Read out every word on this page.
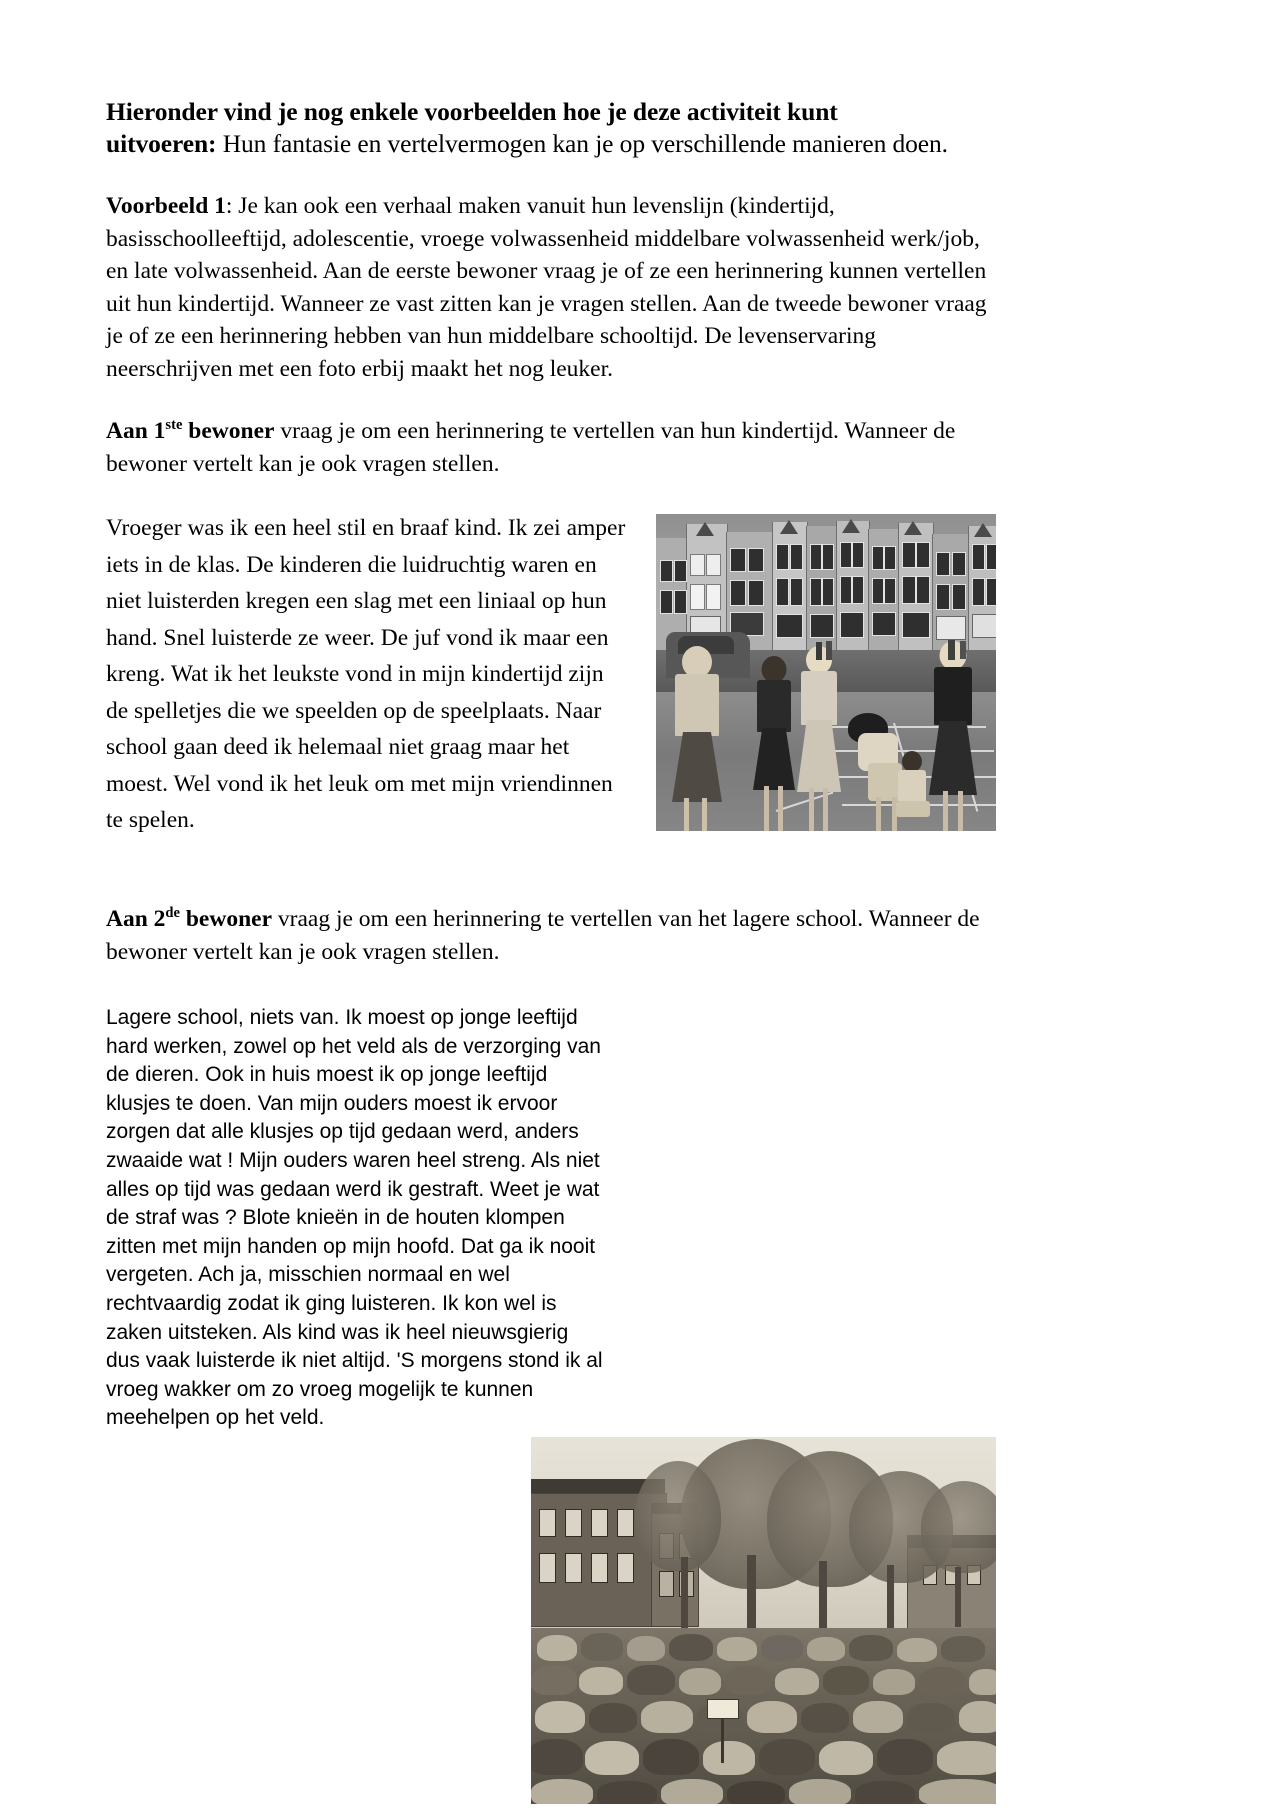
Hieronder vind je nog enkele voorbeelden hoe je deze activiteit kunt
uitvoeren: Hun fantasie en vertelvermogen kan je op verschillende manieren doen.

Voorbeeld 1: Je kan ook een verhaal maken vanuit hun levenslijn (kindertijd, basisschoolleeftijd, adolescentie, vroege volwassenheid middelbare volwassenheid werk/job, en late volwassenheid. Aan de eerste bewoner vraag je of ze een herinnering kunnen vertellen uit hun kindertijd. Wanneer ze vast zitten kan je vragen stellen. Aan de tweede bewoner vraag je of ze een herinnering hebben van hun middelbare schooltijd. De levenservaring neerschrijven met een foto erbij maakt het nog leuker.

Aan 1ste bewoner vraag je om een herinnering te vertellen van hun kindertijd. Wanneer de bewoner vertelt kan je ook vragen stellen.

Vroeger was ik een heel stil en braaf kind. Ik zei amper iets in de klas. De kinderen die luidruchtig waren en niet luisterden kregen een slag met een liniaal op hun hand. Snel luisterde ze weer. De juf vond ik maar een kreng. Wat ik het leukste vond in mijn kindertijd zijn de spelletjes die we speelden op de speelplaats. Naar school gaan deed ik helemaal niet graag maar het moest. Wel vond ik het leuk om met mijn vriendinnen te spelen.

Aan 2de bewoner vraag je om een herinnering te vertellen van het lagere school. Wanneer de bewoner vertelt kan je ook vragen stellen.

Lagere school, niets van. Ik moest op jonge leeftijd hard werken, zowel op het veld als de verzorging van de dieren. Ook in huis moest ik op jonge leeftijd klusjes te doen. Van mijn ouders moest ik ervoor zorgen dat alle klusjes op tijd gedaan werd, anders zwaaide wat ! Mijn ouders waren heel streng. Als niet alles op tijd was gedaan werd ik gestraft. Weet je wat de straf was ? Blote knieën in de houten klompen zitten met mijn handen op mijn hoofd. Dat ga ik nooit vergeten. Ach ja, misschien normaal en wel rechtvaardig zodat ik ging luisteren. Ik kon wel is zaken uitsteken. Als kind was ik heel nieuwsgierig dus vaak luisterde ik niet altijd. 'S morgens stond ik al vroeg wakker om zo vroeg mogelijk te kunnen meehelpen op het veld.
